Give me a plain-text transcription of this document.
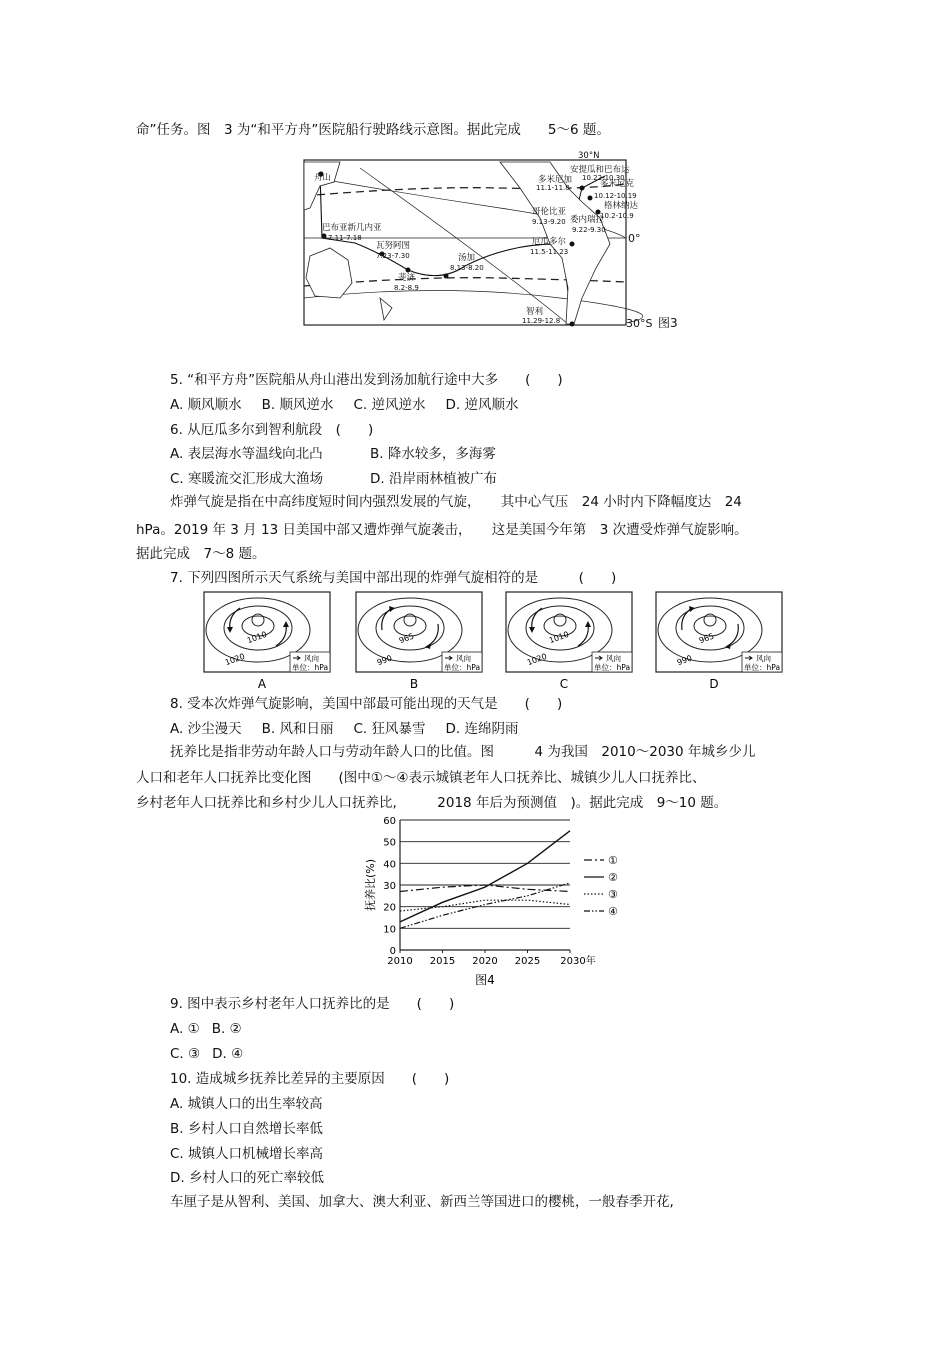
命”任务。图　3 为“和平方舟”医院船行驶路线示意图。据此完成　　5～6 题。
30°N
0°
30°S 图3
舟山
巴布亚新几内亚
7.11-7.18
瓦努阿图
7.23-7.30	汤加
8.13-8.20
斐济
8.2-8.9
安提瓜和巴布达
10.22-10.30
多米尼加
11.1-11.8	多米尼克
10.12-10.19
格林纳达
10.2-10.9
哥伦比亚
9.13-9.20 委内瑞拉
9.22-9.30
厄瓜多尔
11.5-11.23
智利
11.29-12.8
5. “和平方舟”医院船从舟山港出发到汤加航行途中大多　　(　　)
A. 顺风顺水 B. 顺风逆水 C. 逆风逆水 D. 逆风顺水
6. 从厄瓜多尔到智利航段　(　　)
A. 表层海水等温线向北凸	B. 降水较多，多海雾
C. 寒暖流交汇形成大渔场	D. 沿岸雨林植被广布
炸弹气旋是指在中高纬度短时间内强烈发展的气旋，　　其中心气压　24 小时内下降幅度达　24
hPa。2019 年 3 月 13 日美国中部又遭炸弹气旋袭击，　　这是美国今年第　3 次遭受炸弹气旋影响。
据此完成　7～8 题。
7. 下列四图所示天气系统与美国中部出现的炸弹气旋相符的是　　　(　　)
1010
1020	风向
单位：hPa
A
965
990	风向
单位：hPa
B
1010
1020	风向
单位：hPa
C
965
990	风向
单位：hPa
D
8. 受本次炸弹气旋影响，美国中部最可能出现的天气是　　(　　)
A. 沙尘漫天 B. 风和日丽 C. 狂风暴雪 D. 连绵阴雨
抚养比是指非劳动年龄人口与劳动年龄人口的比值。图　　　4 为我国　2010～2030 年城乡少儿
人口和老年人口抚养比变化图　　(图中①～④表示城镇老年人口抚养比、城镇少儿人口抚养比、
乡村老年人口抚养比和乡村少儿人口抚养比,　　　2018 年后为预测值　)。据此完成　9～10 题。
0
10
20
30
40
50
60
2010 2015 2020 2025 2030年
抚养比(%)	①
②
③
④
图4
9. 图中表示乡村老年人口抚养比的是　　(　　)
A. ① B. ②
C. ③ D. ④
10. 造成城乡抚养比差异的主要原因　　(　　)
A. 城镇人口的出生率较高
B. 乡村人口自然增长率低
C. 城镇人口机械增长率高
D. 乡村人口的死亡率较低
车厘子是从智利、美国、加拿大、澳大利亚、新西兰等国进口的樱桃，一般春季开花,
